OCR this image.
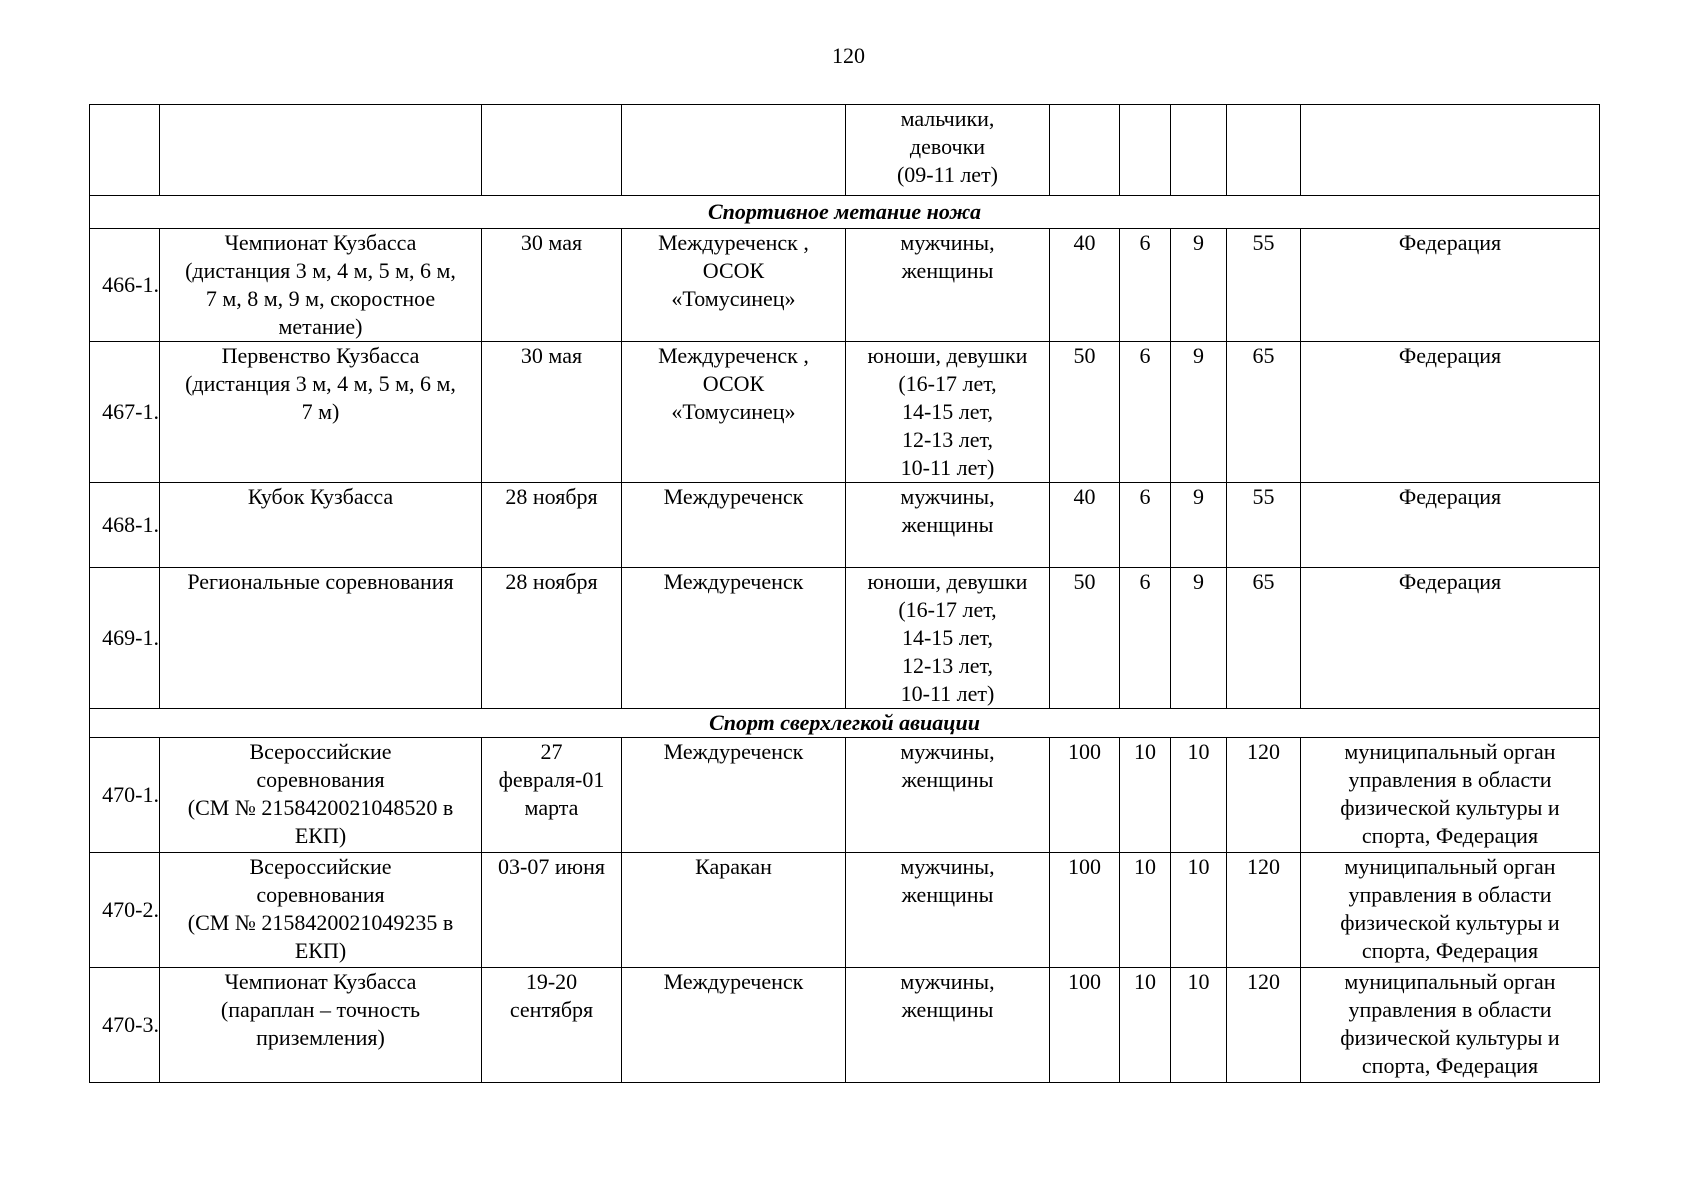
120
				мальчики,
девочки
(09-11 лет)					
Спортивное метание ножа									
466-1.	Чемпионат Кузбасса
(дистанция 3 м, 4 м, 5 м, 6 м,
7 м, 8 м, 9 м, скоростное
метание)	30 мая	Междуреченск ,
ОСОК
«Томусинец»	мужчины,
женщины	40	6	9	55	Федерация
467-1.	Первенство Кузбасса
(дистанция 3 м, 4 м, 5 м, 6 м,
7 м)	30 мая	Междуреченск ,
ОСОК
«Томусинец»	юноши, девушки
(16-17 лет,
14-15 лет,
12-13 лет,
10-11 лет)	50	6	9	65	Федерация
468-1.	Кубок Кузбасса	28 ноября	Междуреченск	мужчины,
женщины	40	6	9	55	Федерация
469-1.	Региональные соревнования	28 ноября	Междуреченск	юноши, девушки
(16-17 лет,
14-15 лет,
12-13 лет,
10-11 лет)	50	6	9	65	Федерация
Спорт сверхлегкой авиации									
470-1.	Всероссийские
соревнования
(СМ № 2158420021048520 в
ЕКП)	27
февраля-01
марта	Междуреченск	мужчины,
женщины	100	10	10	120	муниципальный орган
управления в области
физической культуры и
спорта, Федерация
470-2.	Всероссийские
соревнования
(СМ № 2158420021049235 в
ЕКП)	03-07 июня	Каракан	мужчины,
женщины	100	10	10	120	муниципальный орган
управления в области
физической культуры и
спорта, Федерация
470-3.	Чемпионат Кузбасса
(параплан – точность
приземления)	19-20
сентября	Междуреченск	мужчины,
женщины	100	10	10	120	муниципальный орган
управления в области
физической культуры и
спорта, Федерация
